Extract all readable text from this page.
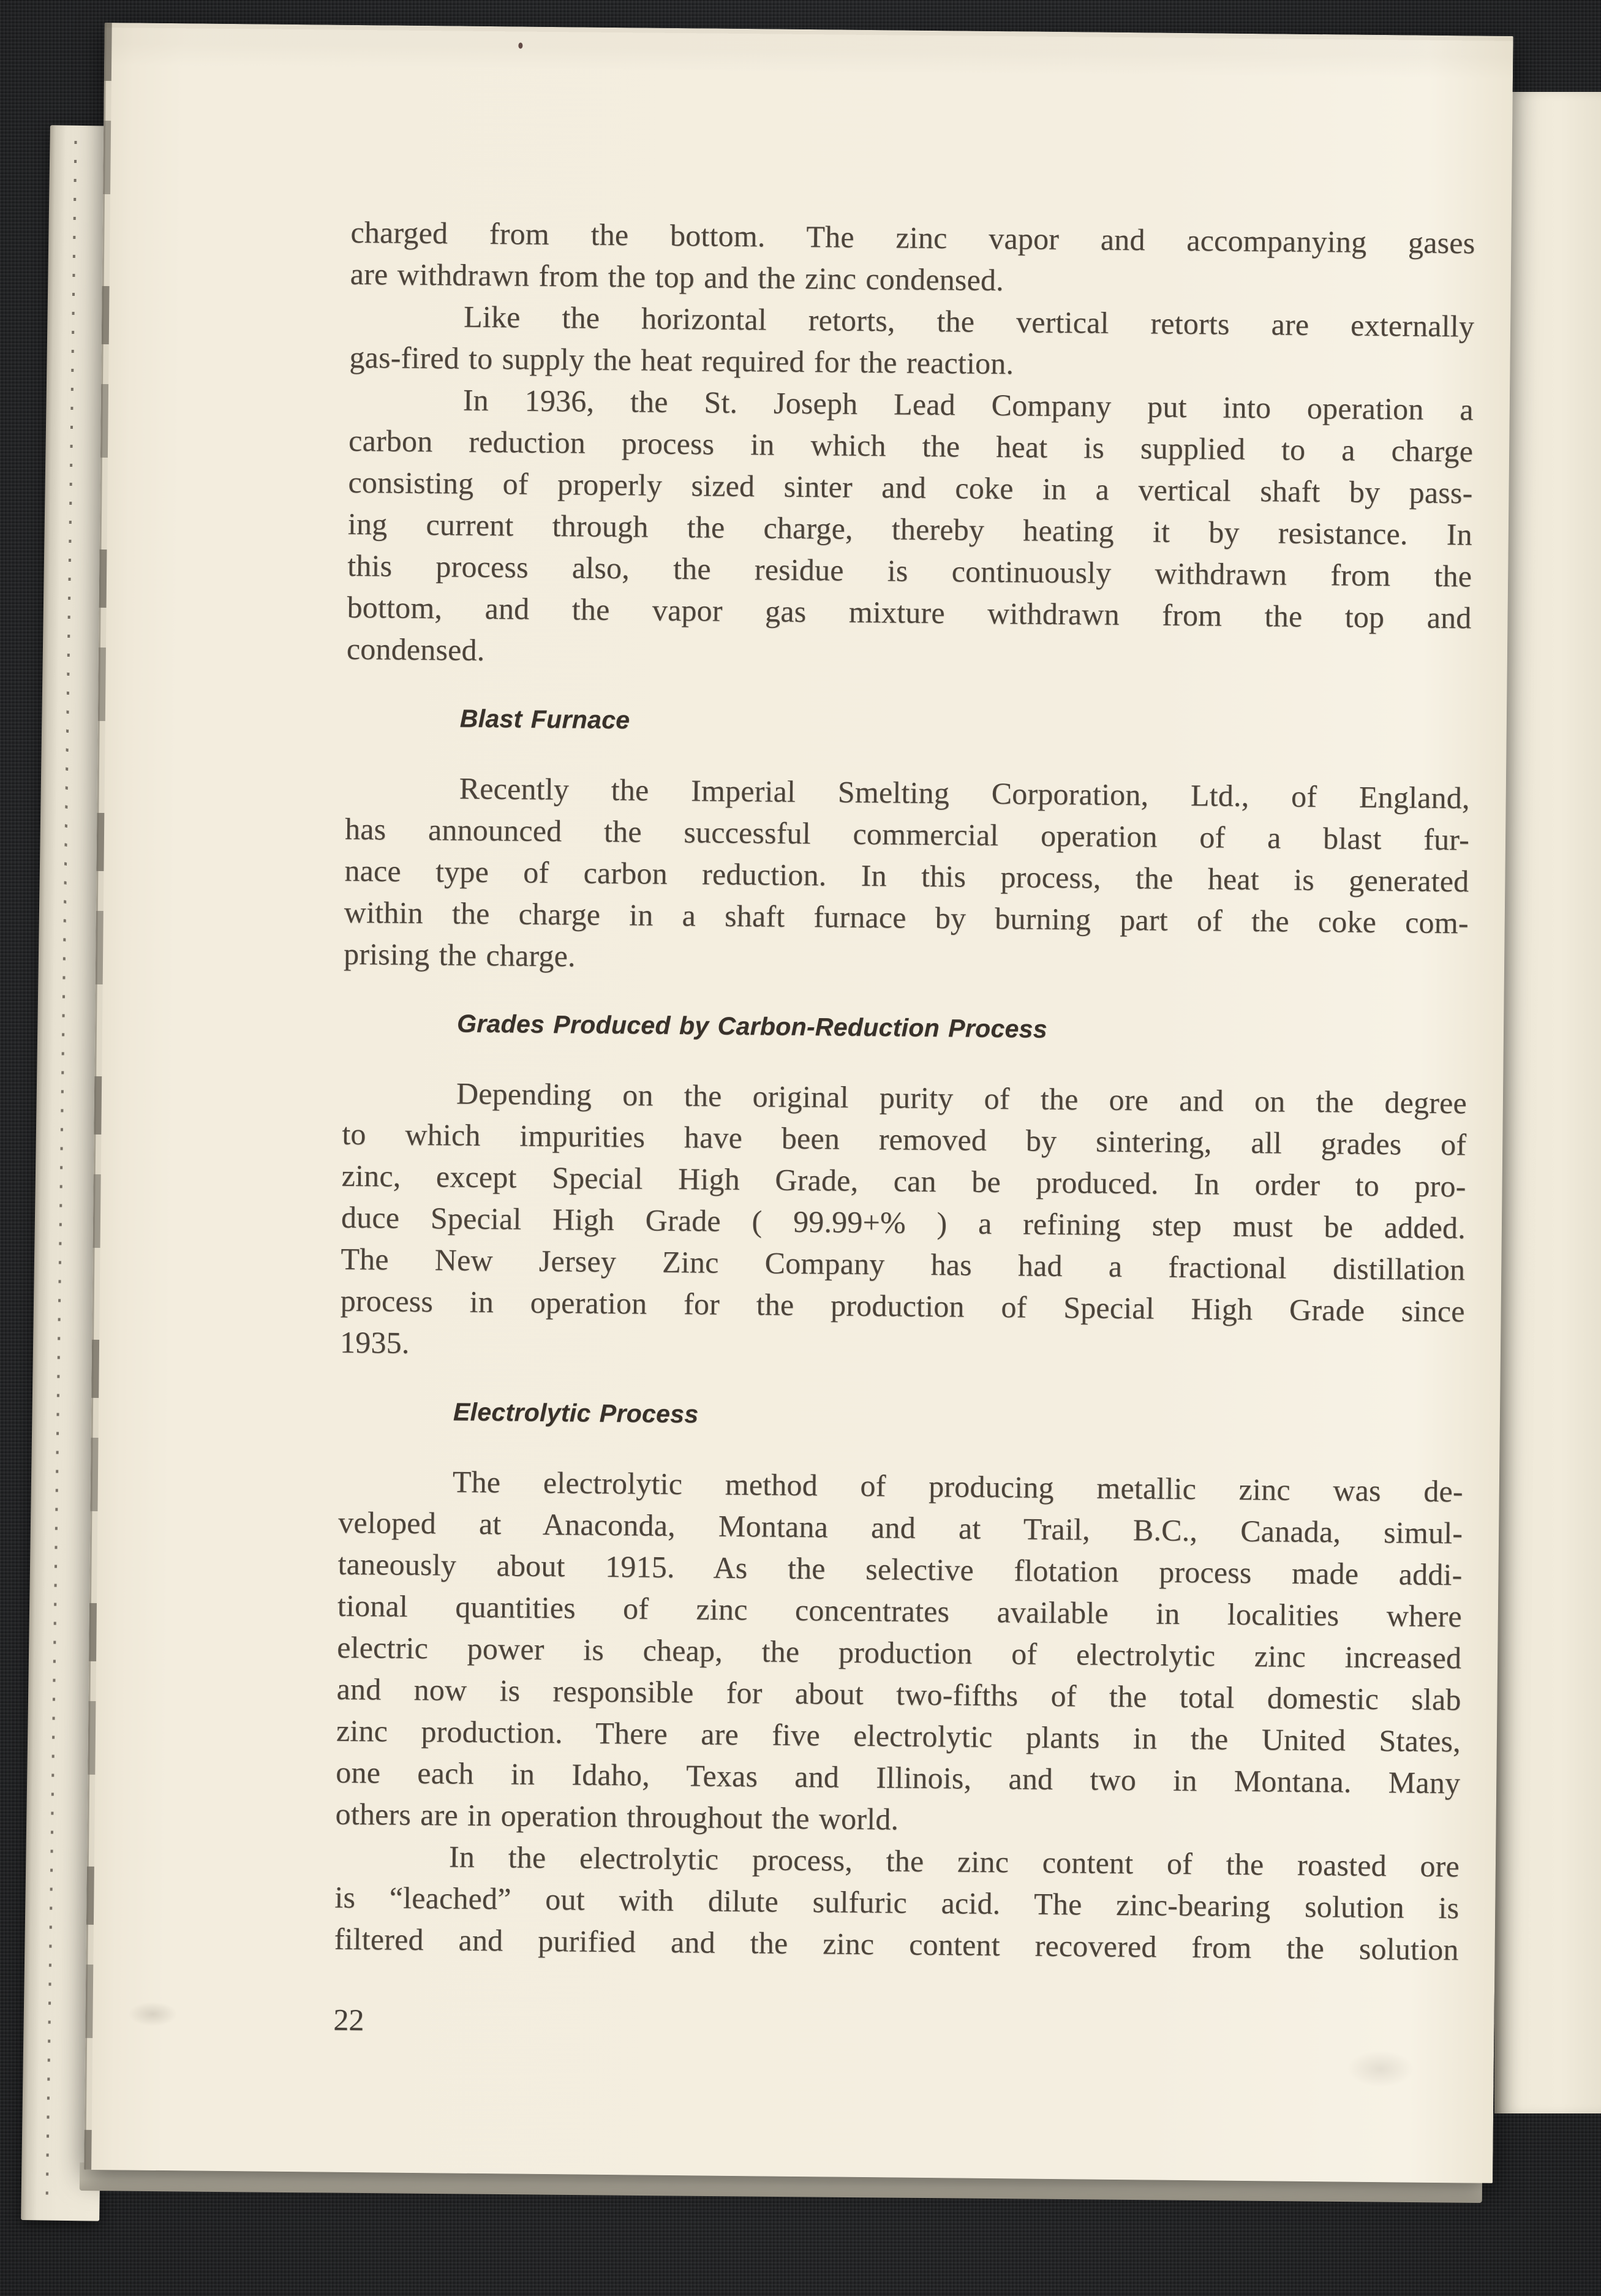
charged from the bottom. The zinc vapor and accompanying gases
are withdrawn from the top and the zinc condensed.
Like the horizontal retorts, the vertical retorts are externally
gas-fired to supply the heat required for the reaction.
In 1936, the St. Joseph Lead Company put into operation a
carbon reduction process in which the heat is supplied to a charge
consisting of properly sized sinter and coke in a vertical shaft by pass-
ing current through the charge, thereby heating it by resistance. In
this process also, the residue is continuously withdrawn from the
bottom, and the vapor gas mixture withdrawn from the top and
condensed.
Blast Furnace
Recently the Imperial Smelting Corporation, Ltd., of England,
has announced the successful commercial operation of a blast fur-
nace type of carbon reduction. In this process, the heat is generated
within the charge in a shaft furnace by burning part of the coke com-
prising the charge.
Grades Produced by Carbon-Reduction Process
Depending on the original purity of the ore and on the degree
to which impurities have been removed by sintering, all grades of
zinc, except Special High Grade, can be produced. In order to pro-
duce Special High Grade ( 99.99+% ) a refining step must be added.
The New Jersey Zinc Company has had a fractional distillation
process in operation for the production of Special High Grade since
1935.
Electrolytic Process
The electrolytic method of producing metallic zinc was de-
veloped at Anaconda, Montana and at Trail, B.C., Canada, simul-
taneously about 1915. As the selective flotation process made addi-
tional quantities of zinc concentrates available in localities where
electric power is cheap, the production of electrolytic zinc increased
and now is responsible for about two-fifths of the total domestic slab
zinc production. There are five electrolytic plants in the United States,
one each in Idaho, Texas and Illinois, and two in Montana. Many
others are in operation throughout the world.
In the electrolytic process, the zinc content of the roasted ore
is “leached” out with dilute sulfuric acid. The zinc-bearing solution is
filtered and purified and the zinc content recovered from the solution
22
